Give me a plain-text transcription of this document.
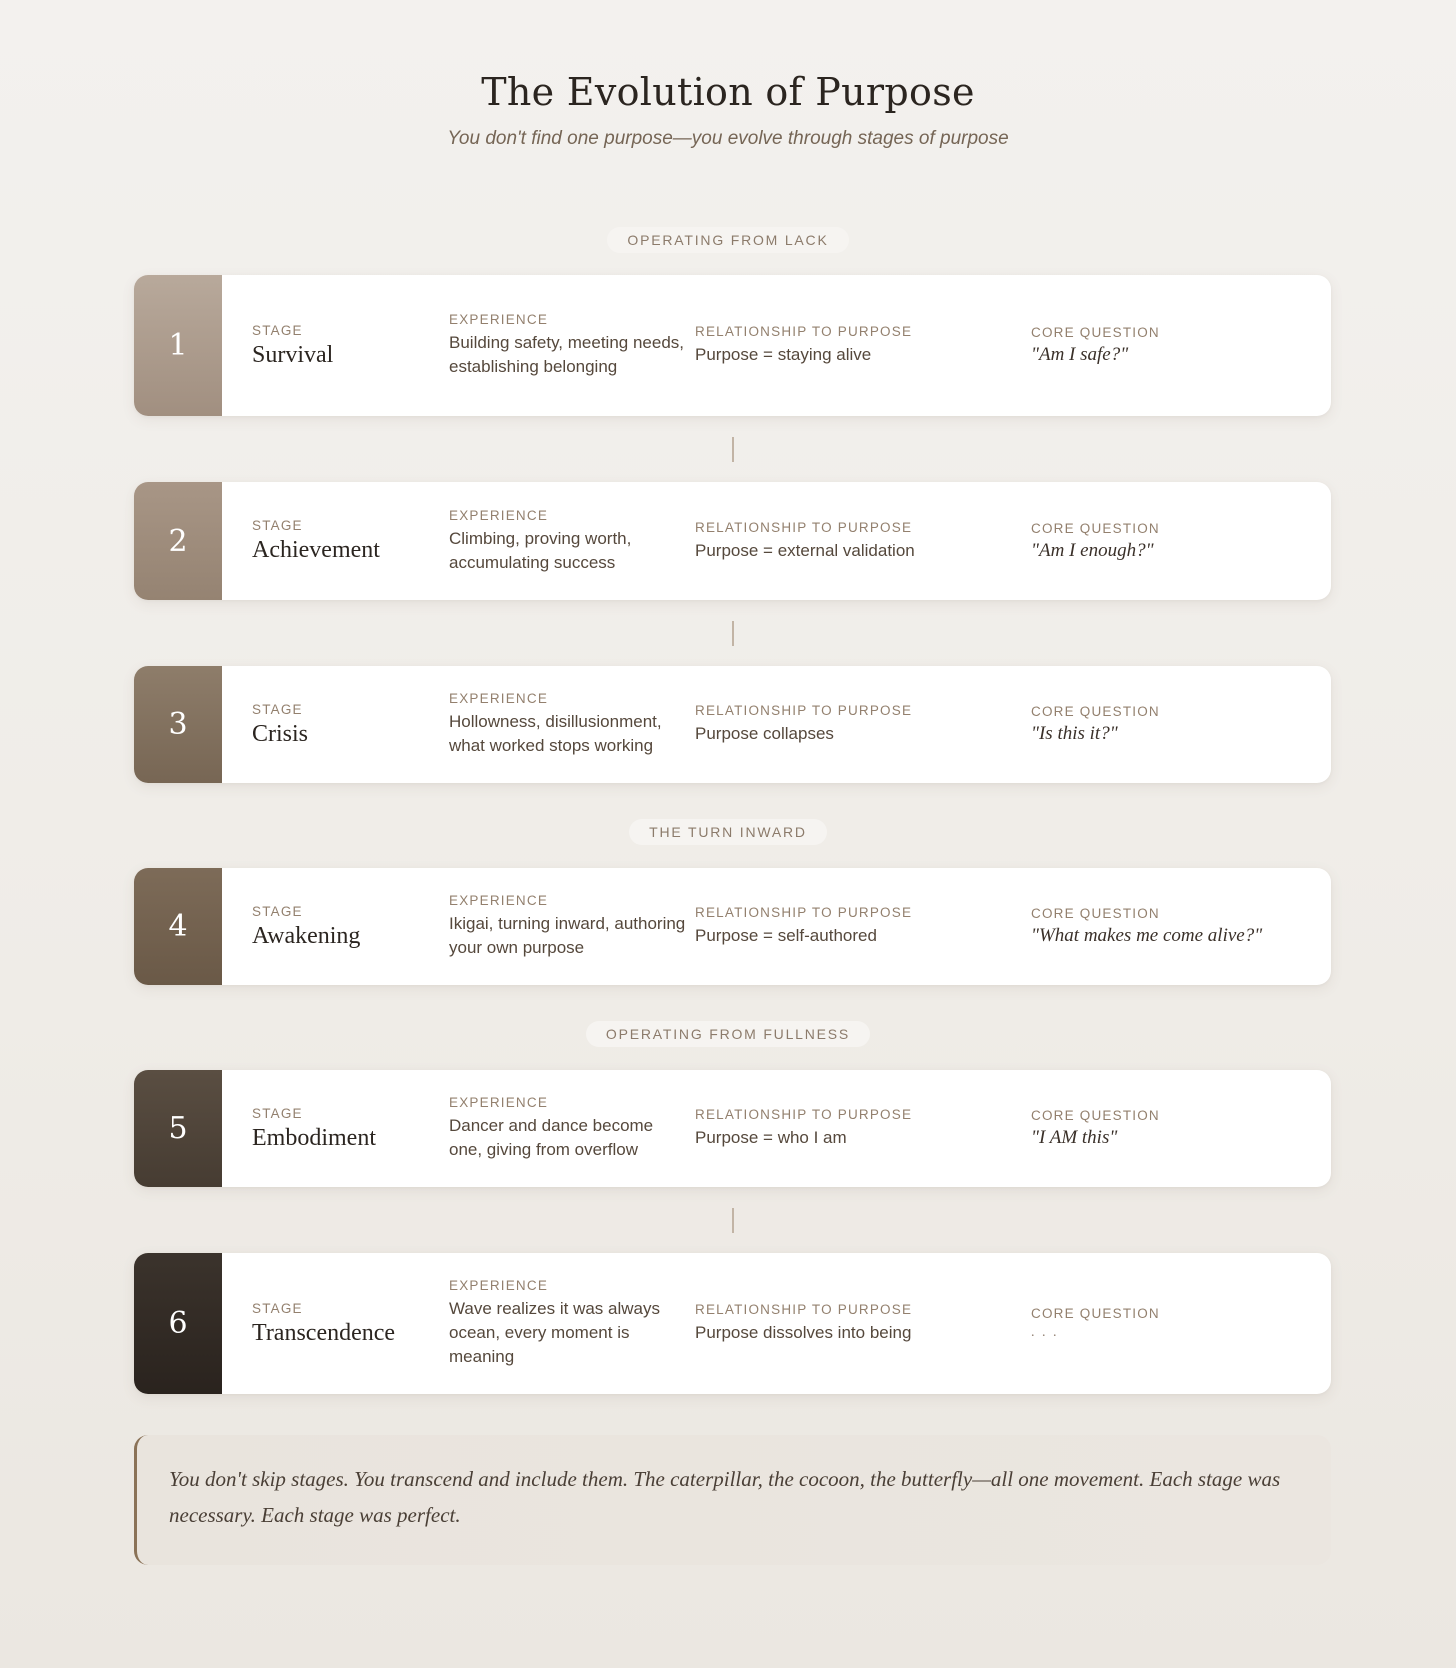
The Evolution of Purpose

You don't find one purpose—you evolve through stages of purpose

OPERATING FROM LACK
1	STAGE
Survival
EXPERIENCE
Building safety, meeting needs, establishing belonging
RELATIONSHIP TO PURPOSE
Purpose = staying alive
CORE QUESTION
"Am I safe?"
2	STAGE
Achievement
EXPERIENCE
Climbing, proving worth, accumulating success
RELATIONSHIP TO PURPOSE
Purpose = external validation
CORE QUESTION
"Am I enough?"
3	STAGE
Crisis
EXPERIENCE
Hollowness, disillusionment, what worked stops working
RELATIONSHIP TO PURPOSE
Purpose collapses
CORE QUESTION
"Is this it?"
THE TURN INWARD
4	STAGE
Awakening
EXPERIENCE
Ikigai, turning inward, authoring your own purpose
RELATIONSHIP TO PURPOSE
Purpose = self-authored
CORE QUESTION
"What makes me come alive?"
OPERATING FROM FULLNESS
5	STAGE
Embodiment
EXPERIENCE
Dancer and dance become one, giving from overflow
RELATIONSHIP TO PURPOSE
Purpose = who I am
CORE QUESTION
"I AM this"
6	STAGE
Transcendence
EXPERIENCE
Wave realizes it was always ocean, every moment is meaning
RELATIONSHIP TO PURPOSE
Purpose dissolves into being
CORE QUESTION
. . .

You don't skip stages. You transcend and include them. The caterpillar, the cocoon, the butterfly—all one movement. Each stage was necessary. Each stage was perfect.
